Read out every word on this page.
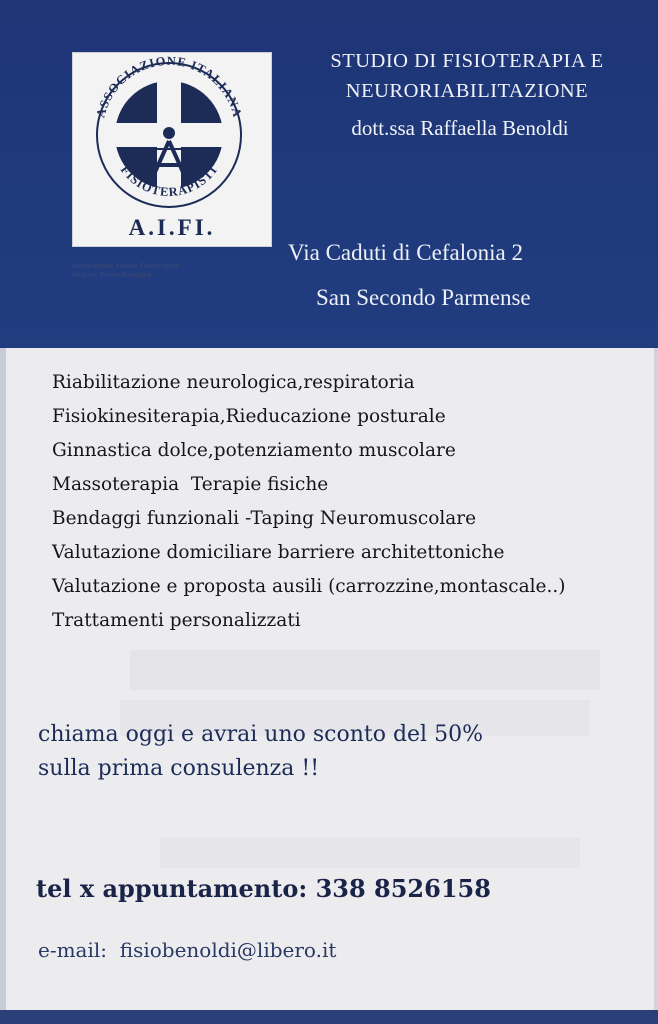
ASSOCIAZIONE ITALIANA
FISIOTERAPISTI
A.I.FI.
Associazione Italiana Fisioterapisti
Regione Emilia Romagna
STUDIO DI FISIOTERAPIA E
NEURORIABILITAZIONE
dott.ssa Raffaella Benoldi
Via Caduti di Cefalonia 2
San Secondo Parmense
Riabilitazione neurologica,respiratoria
Fisiokinesiterapia,Rieducazione posturale
Ginnastica dolce,potenziamento muscolare
Massoterapia  Terapie fisiche
Bendaggi funzionali -Taping Neuromuscolare
Valutazione domiciliare barriere architettoniche
Valutazione e proposta ausili (carrozzine,montascale..)
Trattamenti personalizzati
chiama oggi e avrai uno sconto del 50%
sulla prima consulenza !!
tel x appuntamento: 338 8526158
e-mail:  fisiobenoldi@libero.it
